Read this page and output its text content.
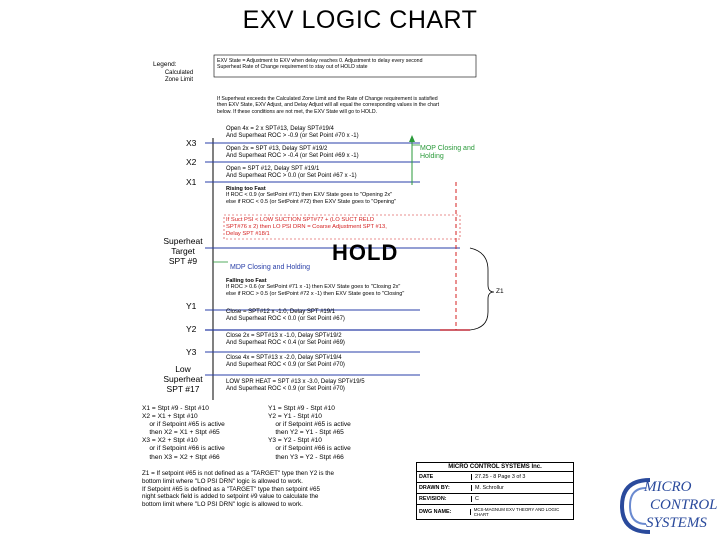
EXV LOGIC CHART
Legend:
Calculated
Zone Limit
EXV State = Adjustment to EXV when delay reaches 0. Adjustment to delay every second
Superheat Rate of Change requirement to stay out of HOLD state
If Superheat exceeds the Calculated Zone Limit and the Rate of Change requirement is satisfied
then EXV State, EXV Adjust, and Delay Adjust will all equal the corresponding values in the chart
below. If these conditions are not met, the EXV State will go to HOLD.
X3
X2
X1
Superheat
Target
SPT #9
Y1
Y2
Y3
Low
Superheat
SPT #17
Z1
Open 4x = 2 x SPT#13, Delay SPT#19/4
And Superheat ROC > -0.9 (or Set Point #70 x -1)
Open 2x = SPT #13, Delay SPT #19/2
And Superheat ROC > -0.4 (or Set Point #69 x -1)
Open = SPT #12, Delay SPT #19/1
And Superheat ROC > 0.0 (or Set Point #67 x -1)
Rising too Fast
If ROC < 0.9 (or SetPoint #71) then EXV State goes to "Opening 2x"
else if ROC < 0.5 (or SetPoint #72) then EXV State goes to "Opening"
If Suct PSI < LOW SUCTION SPT#77 + (LO SUCT RELD
SPT#76 x 2) then LO PSI DRN = Coarse Adjustment SPT #13,
Delay SPT #18/1
HOLD
MOP Closing and
Holding
MDP Closing and Holding
Falling too Fast
If ROC > 0.6 (or SetPoint #71 x -1) then EXV State goes to "Closing 2x"
else if ROC > 0.5 (or SetPoint #72 x -1) then EXV State goes to "Closing"
Close = SPT#12 x -1.0, Delay SPT #19/1
And Superheat ROC < 0.0 (or Set Point #67)
Close 2x = SPT#13 x -1.0, Delay SPT#19/2
And Superheat ROC < 0.4 (or Set Point #69)
Close 4x = SPT#13 x -2.0, Delay SPT#19/4
And Superheat ROC < 0.9 (or Set Point #70)
LOW SPR HEAT = SPT #13 x -3.0, Delay SPT#19/5
And Superheat ROC < 0.9 (or Set Point #70)
X1 = Stpt #9 - Stpt #10
X2 = X1 + Stpt #10
or if Setpoint #65 is active
then X2 = X1 + Stpt #65
X3 = X2 + Stpt #10
or if Setpoint #66 is active
then X3 = X2 + Stpt #66
Y1 = Stpt #9 - Stpt #10
Y2 = Y1 - Stpt #10
or if Setpoint #65 is active
then Y2 = Y1 - Stpt #65
Y3 = Y2 - Stpt #10
or if Setpoint #66 is active
then Y3 = Y2 - Stpt #66
Z1 = If setpoint #65 is not defined as a "TARGET" type then Y2 is the
bottom limit where "LO PSI DRN" logic is allowed to work.
If Setpoint #65 is defined as a "TARGET" type then setpoint #65
night setback field is added to setpoint #9 value to calculate the
bottom limit where "LO PSI DRN" logic is allowed to work.
MICRO CONTROL SYSTEMS Inc.
DATE	27.25 - 8 Page 3 of 3
DRAWN BY:	M. Schrollur
REVISION:	C
DWG NAME:	MCS-MAGNUM EXV THEORY AND LOGIC CHART
MICRO
CONTROL
SYSTEMS
